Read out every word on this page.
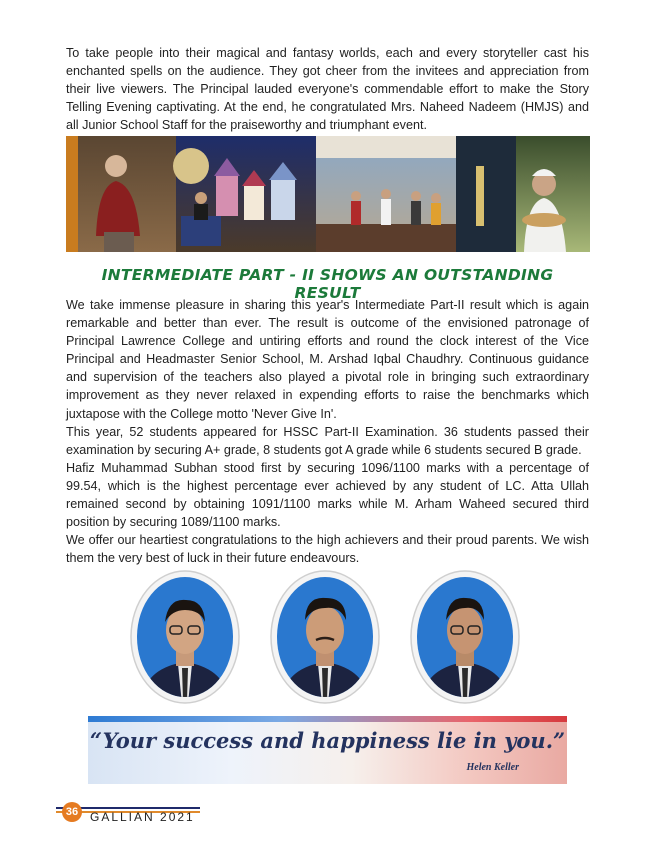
To take people into their magical and fantasy worlds, each and every storyteller cast his enchanted spells on the audience. They got cheer from the invitees and appreciation from their live viewers. The Principal lauded everyone's commendable effort to make the Story Telling Evening captivating. At the end, he congratulated Mrs. Naheed Nadeem (HMJS) and all Junior School Staff for the praiseworthy and triumphant event.

INTERMEDIATE PART - II SHOWS AN OUTSTANDING RESULT

We take immense pleasure in sharing this year's Intermediate Part-II result which is again remarkable and better than ever. The result is outcome of the envisioned patronage of Principal Lawrence College and untiring efforts and round the clock interest of the Vice Principal and Headmaster Senior School, M. Arshad Iqbal Chaudhry. Continuous guidance and supervision of the teachers also played a pivotal role in bringing such extraordinary improvement as they never relaxed in expending efforts to raise the benchmarks which juxtapose with the College motto 'Never Give In'.

This year, 52 students appeared for HSSC Part-II Examination. 36 students passed their examination by securing A+ grade, 8 students got A grade while 6 students secured B grade.

Hafiz Muhammad Subhan stood first by securing 1096/1100 marks with a percentage of 99.54, which is the highest percentage ever achieved by any student of LC. Atta Ullah remained second by obtaining 1091/1100 marks while M. Arham Waheed secured third position by securing 1089/1100 marks.

We offer our heartiest congratulations to the high achievers and their proud parents. We wish them the very best of luck in their future endeavours.

“Your success and happiness lie in you.”
Helen Keller
36 GALLIAN 2021
